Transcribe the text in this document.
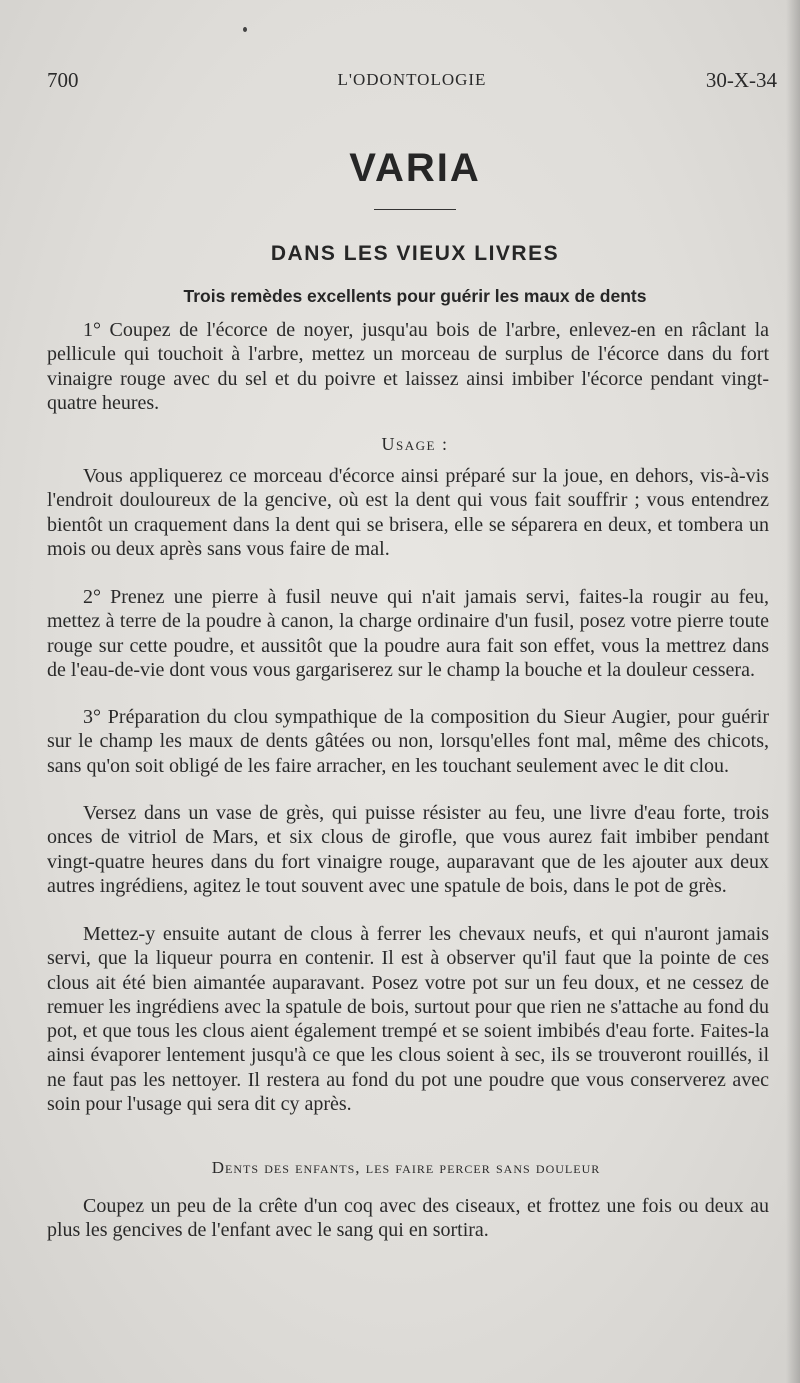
700	L'ODONTOLOGIE	30-X-34
VARIA
DANS LES VIEUX LIVRES
Trois remèdes excellents pour guérir les maux de dents

1° Coupez de l'écorce de noyer, jusqu'au bois de l'arbre, enlevez-en en râclant la pellicule qui touchoit à l'arbre, mettez un morceau de surplus de l'écorce dans du fort vinaigre rouge avec du sel et du poivre et laissez ainsi imbiber l'écorce pendant vingt-quatre heures.

Usage :

Vous appliquerez ce morceau d'écorce ainsi préparé sur la joue, en dehors, vis-à-vis l'endroit douloureux de la gencive, où est la dent qui vous fait souffrir ; vous entendrez bientôt un craquement dans la dent qui se brisera, elle se séparera en deux, et tombera un mois ou deux après sans vous faire de mal.

2° Prenez une pierre à fusil neuve qui n'ait jamais servi, faites-la rougir au feu, mettez à terre de la poudre à canon, la charge ordinaire d'un fusil, posez votre pierre toute rouge sur cette poudre, et aussitôt que la poudre aura fait son effet, vous la mettrez dans de l'eau-de-vie dont vous vous gargariserez sur le champ la bouche et la douleur cessera.

3° Préparation du clou sympathique de la composition du Sieur Augier, pour guérir sur le champ les maux de dents gâtées ou non, lorsqu'elles font mal, même des chicots, sans qu'on soit obligé de les faire arracher, en les touchant seulement avec le dit clou.

Versez dans un vase de grès, qui puisse résister au feu, une livre d'eau forte, trois onces de vitriol de Mars, et six clous de girofle, que vous aurez fait imbiber pendant vingt-quatre heures dans du fort vinaigre rouge, auparavant que de les ajouter aux deux autres ingrédiens, agitez le tout souvent avec une spatule de bois, dans le pot de grès.

Mettez-y ensuite autant de clous à ferrer les chevaux neufs, et qui n'auront jamais servi, que la liqueur pourra en contenir. Il est à observer qu'il faut que la pointe de ces clous ait été bien aimantée auparavant. Posez votre pot sur un feu doux, et ne cessez de remuer les ingrédiens avec la spatule de bois, surtout pour que rien ne s'attache au fond du pot, et que tous les clous aient également trempé et se soient imbibés d'eau forte. Faites-la ainsi évaporer lentement jusqu'à ce que les clous soient à sec, ils se trouveront rouillés, il ne faut pas les nettoyer. Il restera au fond du pot une poudre que vous conserverez avec soin pour l'usage qui sera dit cy après.

Dents des enfants, les faire percer sans douleur

Coupez un peu de la crête d'un coq avec des ciseaux, et frottez une fois ou deux au plus les gencives de l'enfant avec le sang qui en sortira.
